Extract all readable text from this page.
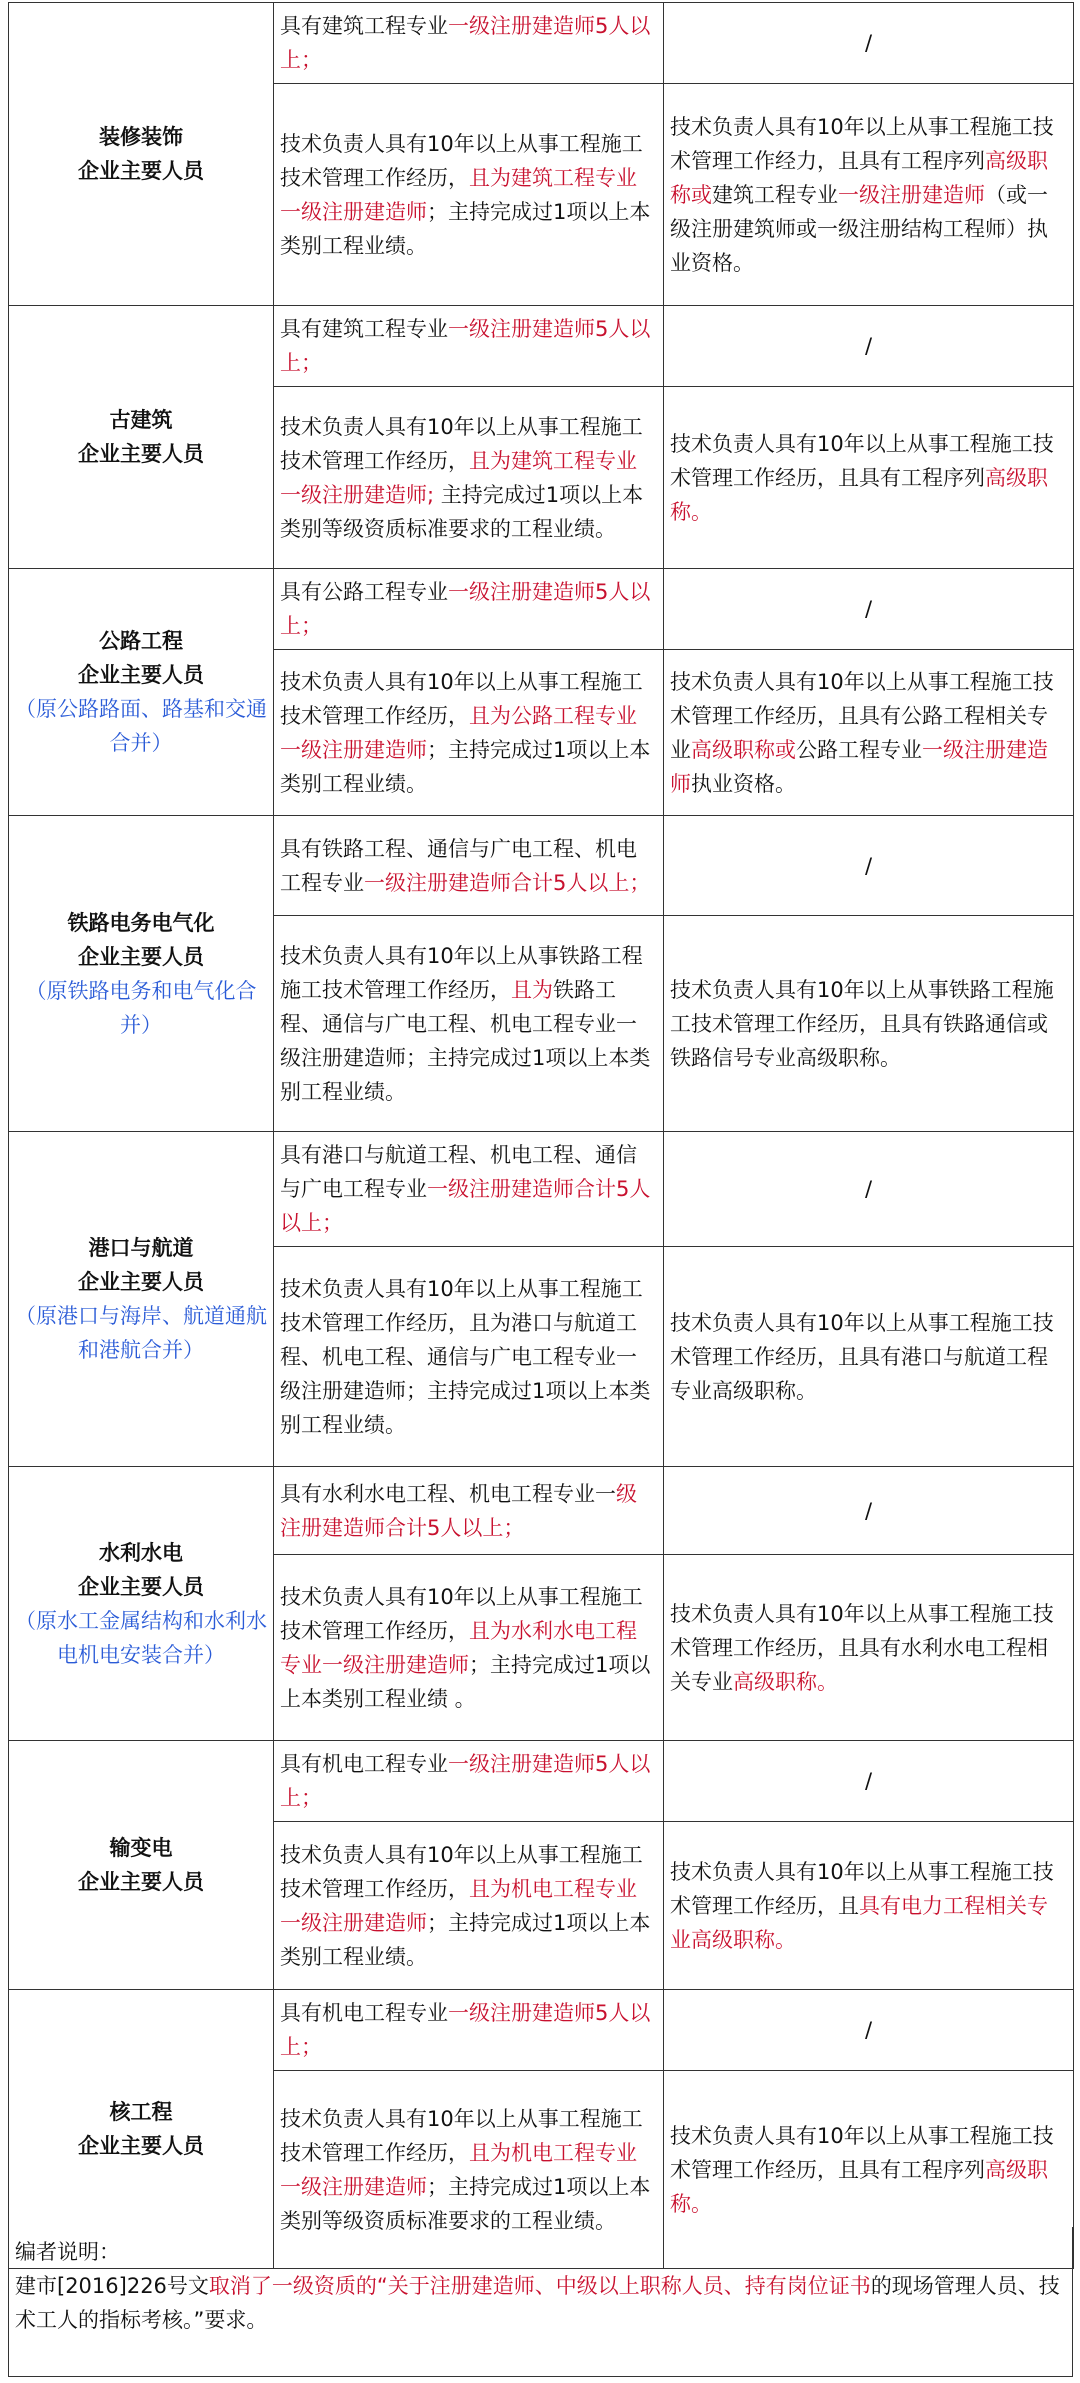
装修装饰
企业主要人员	具有建筑工程专业一级注册建造师5人以上；	/
	技术负责人具有10年以上从事工程施工技术管理工作经历，且为建筑工程专业一级注册建造师；主持完成过1项以上本类别工程业绩。	技术负责人具有10年以上从事工程施工技术管理工作经力，且具有工程序列高级职称或建筑工程专业一级注册建造师（或一级注册建筑师或一级注册结构工程师）执业资格。

古建筑
企业主要人员	具有建筑工程专业一级注册建造师5人以上；	/
	技术负责人具有10年以上从事工程施工技术管理工作经历，且为建筑工程专业一级注册建造师; 主持完成过1项以上本类别等级资质标准要求的工程业绩。	技术负责人具有10年以上从事工程施工技术管理工作经历，且具有工程序列高级职称。

公路工程
企业主要人员
（原公路路面、路基和交通合并）	具有公路工程专业一级注册建造师5人以上；	/
	技术负责人具有10年以上从事工程施工技术管理工作经历，且为公路工程专业一级注册建造师；主持完成过1项以上本类别工程业绩。	技术负责人具有10年以上从事工程施工技术管理工作经历，且具有公路工程相关专业高级职称或公路工程专业一级注册建造师执业资格。

铁路电务电气化
企业主要人员
（原铁路电务和电气化合并）	具有铁路工程、通信与广电工程、机电工程专业一级注册建造师合计5人以上；	/
	技术负责人具有10年以上从事铁路工程施工技术管理工作经历，且为铁路工程、通信与广电工程、机电工程专业一级注册建造师；主持完成过1项以上本类别工程业绩。	技术负责人具有10年以上从事铁路工程施工技术管理工作经历，且具有铁路通信或铁路信号专业高级职称。

港口与航道
企业主要人员
（原港口与海岸、航道通航和港航合并）	具有港口与航道工程、机电工程、通信与广电工程专业一级注册建造师合计5人以上；	/
	技术负责人具有10年以上从事工程施工技术管理工作经历，且为港口与航道工程、机电工程、通信与广电工程专业一级注册建造师；主持完成过1项以上本类别工程业绩。	技术负责人具有10年以上从事工程施工技术管理工作经历，且具有港口与航道工程专业高级职称。

水利水电
企业主要人员
（原水工金属结构和水利水电机电安装合并）	具有水利水电工程、机电工程专业一级注册建造师合计5人以上；	/
	技术负责人具有10年以上从事工程施工技术管理工作经历，且为水利水电工程专业一级注册建造师；主持完成过1项以上本类别工程业绩 。	技术负责人具有10年以上从事工程施工技术管理工作经历，且具有水利水电工程相关专业高级职称。

输变电
企业主要人员	具有机电工程专业一级注册建造师5人以上；	/
	技术负责人具有10年以上从事工程施工技术管理工作经历，且为机电工程专业一级注册建造师；主持完成过1项以上本类别工程业绩。	技术负责人具有10年以上从事工程施工技术管理工作经历，且具有电力工程相关专业高级职称。

核工程
企业主要人员	具有机电工程专业一级注册建造师5人以上；	/
	技术负责人具有10年以上从事工程施工技术管理工作经历，且为机电工程专业一级注册建造师；主持完成过1项以上本类别等级资质标准要求的工程业绩。	技术负责人具有10年以上从事工程施工技术管理工作经历，且具有工程序列高级职称。
编者说明：
建市[2016]226号文取消了一级资质的“关于注册建造师、中级以上职称人员、持有岗位证书的现场管理人员、技术工人的指标考核。”要求。
